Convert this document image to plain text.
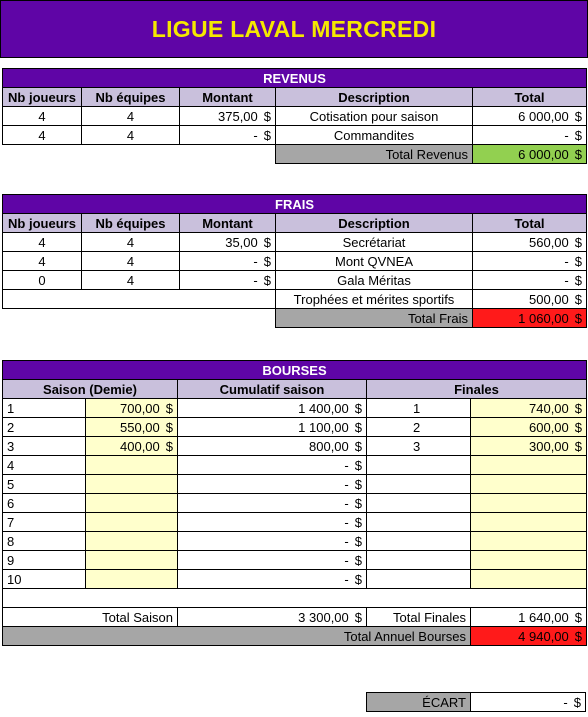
LIGUE LAVAL MERCREDI
REVENUS				
Nb joueurs	Nb équipes	Montant	Description	Total
4	4	375,00 $	Cotisation pour saison	6 000,00 $

4	4	- $	Commandites	- $

			Total Revenus	6 000,00 $
FRAIS				
Nb joueurs	Nb équipes	Montant	Description	Total
4	4	35,00 $	Secrétariat	560,00 $

4	4	- $	Mont QVNEA	- $

0	4	- $	Gala Méritas	- $

			Trophées et mérites sportifs	500,00 $

			Total Frais	1 060,00 $
BOURSES				
Saison (Demie)		Cumulatif saison	Finales	
1	700,00 $	1 400,00 $	1	740,00 $

2	550,00 $	1 100,00 $	2	600,00 $

3	400,00 $	800,00 $	3	300,00 $

4		- $		

5		- $		

6		- $		

7		- $		

8		- $		

9		- $		

10		- $		

Total Saison		3 300,00 $	Total Finales	1 640,00 $

Total Annuel Bourses				4 940,00 $
ÉCART	- $
